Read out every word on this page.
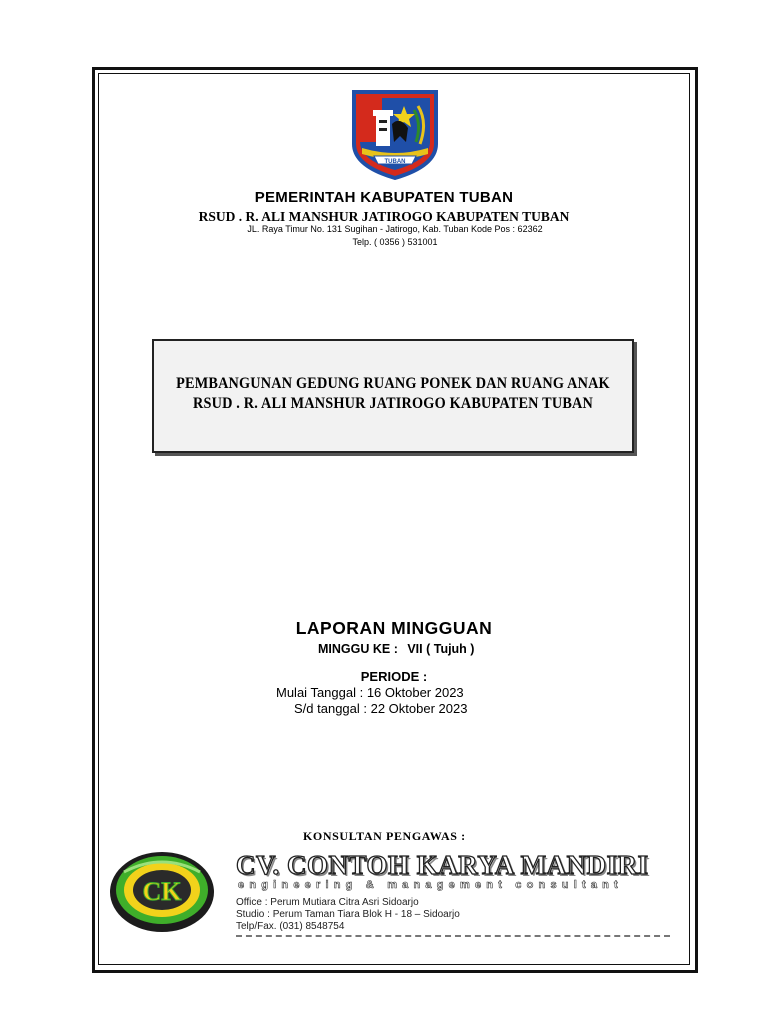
TUBAN
PEMERINTAH KABUPATEN TUBAN
RSUD . R. ALI MANSHUR JATIROGO KABUPATEN TUBAN
JL. Raya Timur No. 131 Sugihan - Jatirogo, Kab. Tuban Kode Pos : 62362
Telp. ( 0356 ) 531001
PEMBANGUNAN GEDUNG RUANG PONEK DAN RUANG ANAK
RSUD . R. ALI MANSHUR JATIROGO KABUPATEN TUBAN
LAPORAN MINGGUAN
MINGGU KE : VII ( Tujuh )
PERIODE :
Mulai Tanggal : 16 Oktober 2023
S/d tanggal : 22 Oktober 2023
KONSULTAN PENGAWAS :
CK
CV. CONTOH KARYA MANDIRI
engineering & management consultant
Office : Perum Mutiara Citra Asri Sidoarjo
Studio : Perum Taman Tiara Blok H - 18 – Sidoarjo
Telp/Fax. (031) 8548754
